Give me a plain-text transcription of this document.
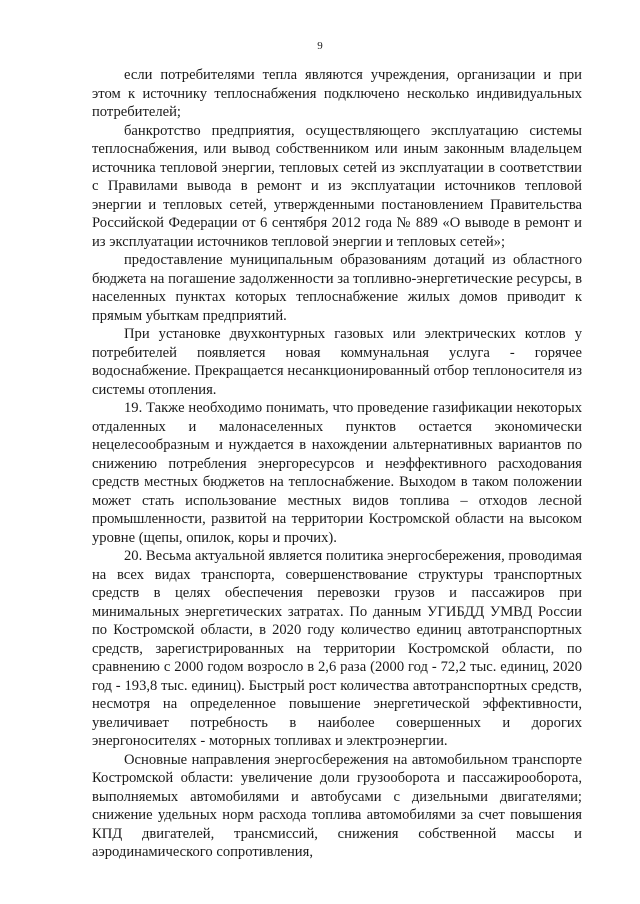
9

если потребителями тепла являются учреждения, организации и при этом к источнику теплоснабжения подключено несколько индивидуальных потребителей;

банкротство предприятия, осуществляющего эксплуатацию системы теплоснабжения, или вывод собственником или иным законным владельцем источника тепловой энергии, тепловых сетей из эксплуатации в соответствии с Правилами вывода в ремонт и из эксплуатации источников тепловой энергии и тепловых сетей, утвержденными постановлением Правительства Российской Федерации от 6 сентября 2012 года № 889 «О выводе в ремонт и из эксплуатации источников тепловой энергии и тепловых сетей»;

предоставление муниципальным образованиям дотаций из областного бюджета на погашение задолженности за топливно-энергетические ресурсы, в населенных пунктах которых теплоснабжение жилых домов приводит к прямым убыткам предприятий.

При установке двухконтурных газовых или электрических котлов у потребителей появляется новая коммунальная услуга - горячее водоснабжение. Прекращается несанкционированный отбор теплоносителя из системы отопления.

19. Также необходимо понимать, что проведение газификации некоторых отдаленных и малонаселенных пунктов остается экономически нецелесообразным и нуждается в нахождении альтернативных вариантов по снижению потребления энергоресурсов и неэффективного расходования средств местных бюджетов на теплоснабжение. Выходом в таком положении может стать использование местных видов топлива – отходов лесной промышленности, развитой на территории Костромской области на высоком уровне (щепы, опилок, коры и прочих).

20. Весьма актуальной является политика энергосбережения, проводимая на всех видах транспорта, совершенствование структуры транспортных средств в целях обеспечения перевозки грузов и пассажиров при минимальных энергетических затратах. По данным УГИБДД УМВД России по Костромской области, в 2020 году количество единиц автотранспортных средств, зарегистрированных на территории Костромской области, по сравнению с 2000 годом возросло в 2,6 раза (2000 год - 72,2 тыс. единиц, 2020 год - 193,8 тыс. единиц). Быстрый рост количества автотранспортных средств, несмотря на определенное повышение энергетической эффективности, увеличивает потребность в наиболее совершенных и дорогих энергоносителях - моторных топливах и электроэнергии.

Основные направления энергосбережения на автомобильном транспорте Костромской области: увеличение доли грузооборота и пассажирооборота, выполняемых автомобилями и автобусами с дизельными двигателями; снижение удельных норм расхода топлива автомобилями за счет повышения КПД двигателей, трансмиссий, снижения собственной массы и аэродинамического сопротивления,
